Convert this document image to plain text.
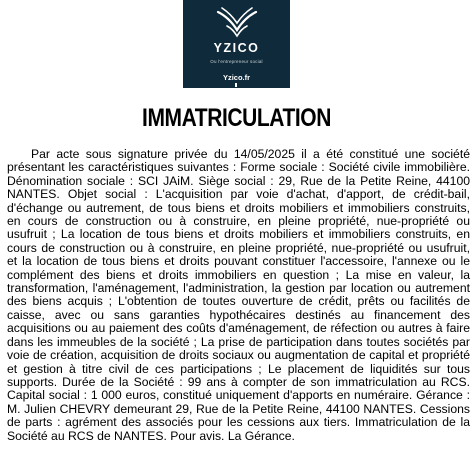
YZICO
Ou l'entrepreneur social
Yzico.fr
IMMATRICULATION

Par acte sous signature privée du 14/05/2025 il a été constitué une société présentant les caractéristiques suivantes : Forme sociale : Société civile immobilière. Dénomination sociale : SCI JAiM. Siège social : 29, Rue de la Petite Reine, 44100 NANTES. Objet social : L'acquisition par voie d'achat, d'apport, de crédit-bail, d'échange ou autrement, de tous biens et droits mobiliers et immobiliers construits, en cours de construction ou à construire, en pleine propriété, nue-propriété ou usufruit ; La location de tous biens et droits mobiliers et immobiliers construits, en cours de construction ou à construire, en pleine propriété, nue-propriété ou usufruit, et la location de tous biens et droits pouvant constituer l'accessoire, l'annexe ou le complément des biens et droits immobiliers en question ; La mise en valeur, la transformation, l'aménagement, l'administration, la gestion par location ou autrement des biens acquis ; L'obtention de toutes ouverture de crédit, prêts ou facilités de caisse, avec ou sans garanties hypothécaires destinés au financement des acquisitions ou au paiement des coûts d'aménagement, de réfection ou autres à faire dans les immeubles de la société ; La prise de participation dans toutes sociétés par voie de création, acquisition de droits sociaux ou augmentation de capital et propriété et gestion à titre civil de ces participations ; Le placement de liquidités sur tous supports. Durée de la Société : 99 ans à compter de son immatriculation au RCS. Capital social : 1 000 euros, constitué uniquement d'apports en numéraire. Gérance : M. Julien CHEVRY demeurant 29, Rue de la Petite Reine, 44100 NANTES. Cessions de parts : agrément des associés pour les cessions aux tiers. Immatriculation de la Société au RCS de NANTES. Pour avis. La Gérance.
